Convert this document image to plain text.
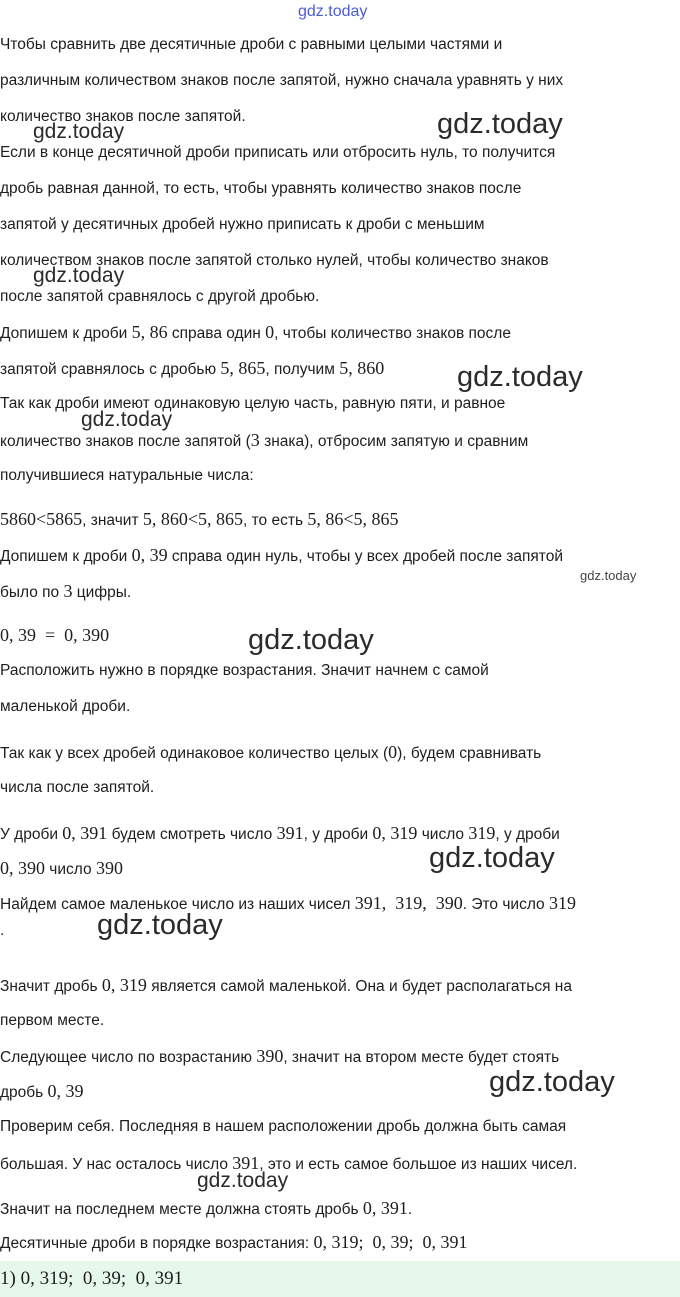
gdz.today
gdz.today	gdz.today
gdz.today
gdz.today
gdz.today
gdz.today
gdz.today
gdz.today
gdz.today
gdz.today
gdz.today

Чтобы сравнить две десятичные дроби с равными целыми частями и

различным количеством знаков после запятой, нужно сначала уравнять у них

количество знаков после запятой.

Если в конце десятичной дроби приписать или отбросить нуль, то получится

дробь равная данной, то есть, чтобы уравнять количество знаков после

запятой у десятичных дробей нужно приписать к дроби с меньшим

количеством знаков после запятой столько нулей, чтобы количество знаков

после запятой сравнялось с другой дробью.

Допишем к дроби 5, 86 справа один 0, чтобы количество знаков после

запятой сравнялось с дробью 5, 865, получим 5, 860

Так как дроби имеют одинаковую целую часть, равную пяти, и равное

количество знаков после запятой (3 знака), отбросим запятую и сравним

получившиеся натуральные числа:

5860<5865, значит 5, 860<5, 865, то есть 5, 86<5, 865

Допишем к дроби 0, 39 справа один нуль, чтобы у всех дробей после запятой

было по 3 цифры.

0, 39  =  0, 390

Расположить нужно в порядке возрастания. Значит начнем с самой

маленькой дроби.

Так как у всех дробей одинаковое количество целых (0), будем сравнивать

числа после запятой.

У дроби 0, 391 будем смотреть число 391, у дроби 0, 319 число 319, у дроби

0, 390 число 390

Найдем самое маленькое число из наших чисел 391,  319,  390. Это число 319

.

Значит дробь 0, 319 является самой маленькой. Она и будет располагаться на

первом месте.

Следующее число по возрастанию 390, значит на втором месте будет стоять

дробь 0, 39

Проверим себя. Последняя в нашем расположении дробь должна быть самая

большая. У нас осталось число 391, это и есть самое большое из наших чисел.

Значит на последнем месте должна стоять дробь 0, 391.

Десятичные дроби в порядке возрастания: 0, 319;  0, 39;  0, 391

1) 0, 319;  0, 39;  0, 391
